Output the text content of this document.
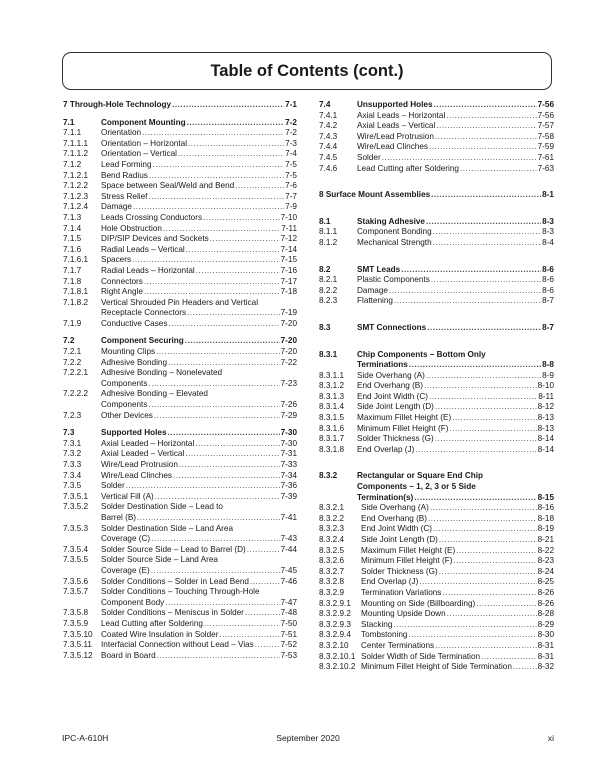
Table of Contents (cont.)
7 Through-Hole Technology .....	7-1
7.1	Component Mounting .....	7-2
7.1.1 Orientation .....	7-2
7.1.1.1 Orientation – Horizontal .....	7-3
7.1.1.2 Orientation – Vertical .....	7-4
7.1.2 Lead Forming .....	7-5
7.1.2.1 Bend Radius .....	7-5
7.1.2.2 Space between Seal/Weld and Bend .....	7-6
7.1.2.3 Stress Relief .....	7-7
7.1.2.4 Damage .....	7-9
7.1.3 Leads Crossing Conductors .....	7-10
7.1.4 Hole Obstruction .....	7-11
7.1.5 DIP/SIP Devices and Sockets .....	7-12
7.1.6 Radial Leads – Vertical .....	7-14
7.1.6.1 Spacers .....	7-15
7.1.7 Radial Leads – Horizontal .....	7-16
7.1.8 Connectors .....	7-17
7.1.8.1 Right Angle .....	7-18
7.1.8.2 Vertical Shrouded Pin Headers and Vertical
Receptacle Connectors .....	7-19
7.1.9 Conductive Cases .....	7-20
7.2	Component Securing .....	7-20
7.2.1 Mounting Clips .....	7-20
7.2.2 Adhesive Bonding .....	7-22
7.2.2.1 Adhesive Bonding – Nonelevated
Components .....	7-23
7.2.2.2 Adhesive Bonding – Elevated
Components .....	7-26
7.2.3 Other Devices .....	7-29
7.3	Supported Holes .....	7-30
7.3.1 Axial Leaded – Horizontal .....	7-30
7.3.2 Axial Leaded – Vertical .....	7-31
7.3.3 Wire/Lead Protrusion .....	7-33
7.3.4 Wire/Lead Clinches .....	7-34
7.3.5 Solder .....	7-36
7.3.5.1 Vertical Fill (A) .....	7-39
7.3.5.2 Solder Destination Side – Lead to
Barrel (B) .....	7-41
7.3.5.3 Solder Destination Side – Land Area
Coverage (C) .....	7-43
7.3.5.4 Solder Source Side – Lead to Barrel (D) .....	7-44
7.3.5.5 Solder Source Side – Land Area
Coverage (E) .....	7-45
7.3.5.6 Solder Conditions – Solder in Lead Bend .....	7-46
7.3.5.7 Solder Conditions – Touching Through-Hole
Component Body .....	7-47
7.3.5.8 Solder Conditions – Meniscus in Solder .....	7-48
7.3.5.9 Lead Cutting after Soldering .....	7-50
7.3.5.10 Coated Wire Insulation in Solder .....	7-51
7.3.5.11 Interfacial Connection without Lead – Vias .....	7-52
7.3.5.12 Board in Board .....	7-53
7.4	Unsupported Holes .....	7-56
7.4.1 Axial Leads – Horizontal .....	7-56
7.4.2 Axial Leads – Vertical .....	7-57
7.4.3 Wire/Lead Protrusion .....	7-58
7.4.4 Wire/Lead Clinches .....	7-59
7.4.5 Solder .....	7-61
7.4.6 Lead Cutting after Soldering .....	7-63
8 Surface Mount Assemblies .....	8-1
8.1	Staking Adhesive .....	8-3
8.1.1 Component Bonding .....	8-3
8.1.2 Mechanical Strength .....	8-4
8.2	SMT Leads .....	8-6
8.2.1 Plastic Components .....	8-6
8.2.2 Damage .....	8-6
8.2.3 Flattening .....	8-7
8.3	SMT Connections .....	8-7
8.3.1 Chip Components – Bottom Only
Terminations .....	8-8
8.3.1.1 Side Overhang (A) .....	8-9
8.3.1.2 End Overhang (B) .....	8-10
8.3.1.3 End Joint Width (C) .....	8-11
8.3.1.4 Side Joint Length (D) .....	8-12
8.3.1.5 Maximum Fillet Height (E) .....	8-13
8.3.1.6 Minimum Fillet Height (F) .....	8-13
8.3.1.7 Solder Thickness (G) .....	8-14
8.3.1.8 End Overlap (J) .....	8-14
8.3.2 Rectangular or Square End Chip
Components – 1, 2, 3 or 5 Side
Termination(s) .....	8-15
8.3.2.1 Side Overhang (A) .....	8-16
8.3.2.2 End Overhang (B) .....	8-18
8.3.2.3 End Joint Width (C) .....	8-19
8.3.2.4 Side Joint Length (D) .....	8-21
8.3.2.5 Maximum Fillet Height (E) .....	8-22
8.3.2.6 Minimum Fillet Height (F) .....	8-23
8.3.2.7 Solder Thickness (G) .....	8-24
8.3.2.8 End Overlap (J) .....	8-25
8.3.2.9 Termination Variations .....	8-26
8.3.2.9.1 Mounting on Side (Billboarding) .....	8-26
8.3.2.9.2 Mounting Upside Down .....	8-28
8.3.2.9.3 Stacking .....	8-29
8.3.2.9.4 Tombstoning .....	8-30
8.3.2.10 Center Terminations .....	8-31
8.3.2.10.1 Solder Width of Side Termination .....	8-31
8.3.2.10.2 Minimum Fillet Height of Side Termination .....	8-32
IPC-A-610H	September 2020	xi
